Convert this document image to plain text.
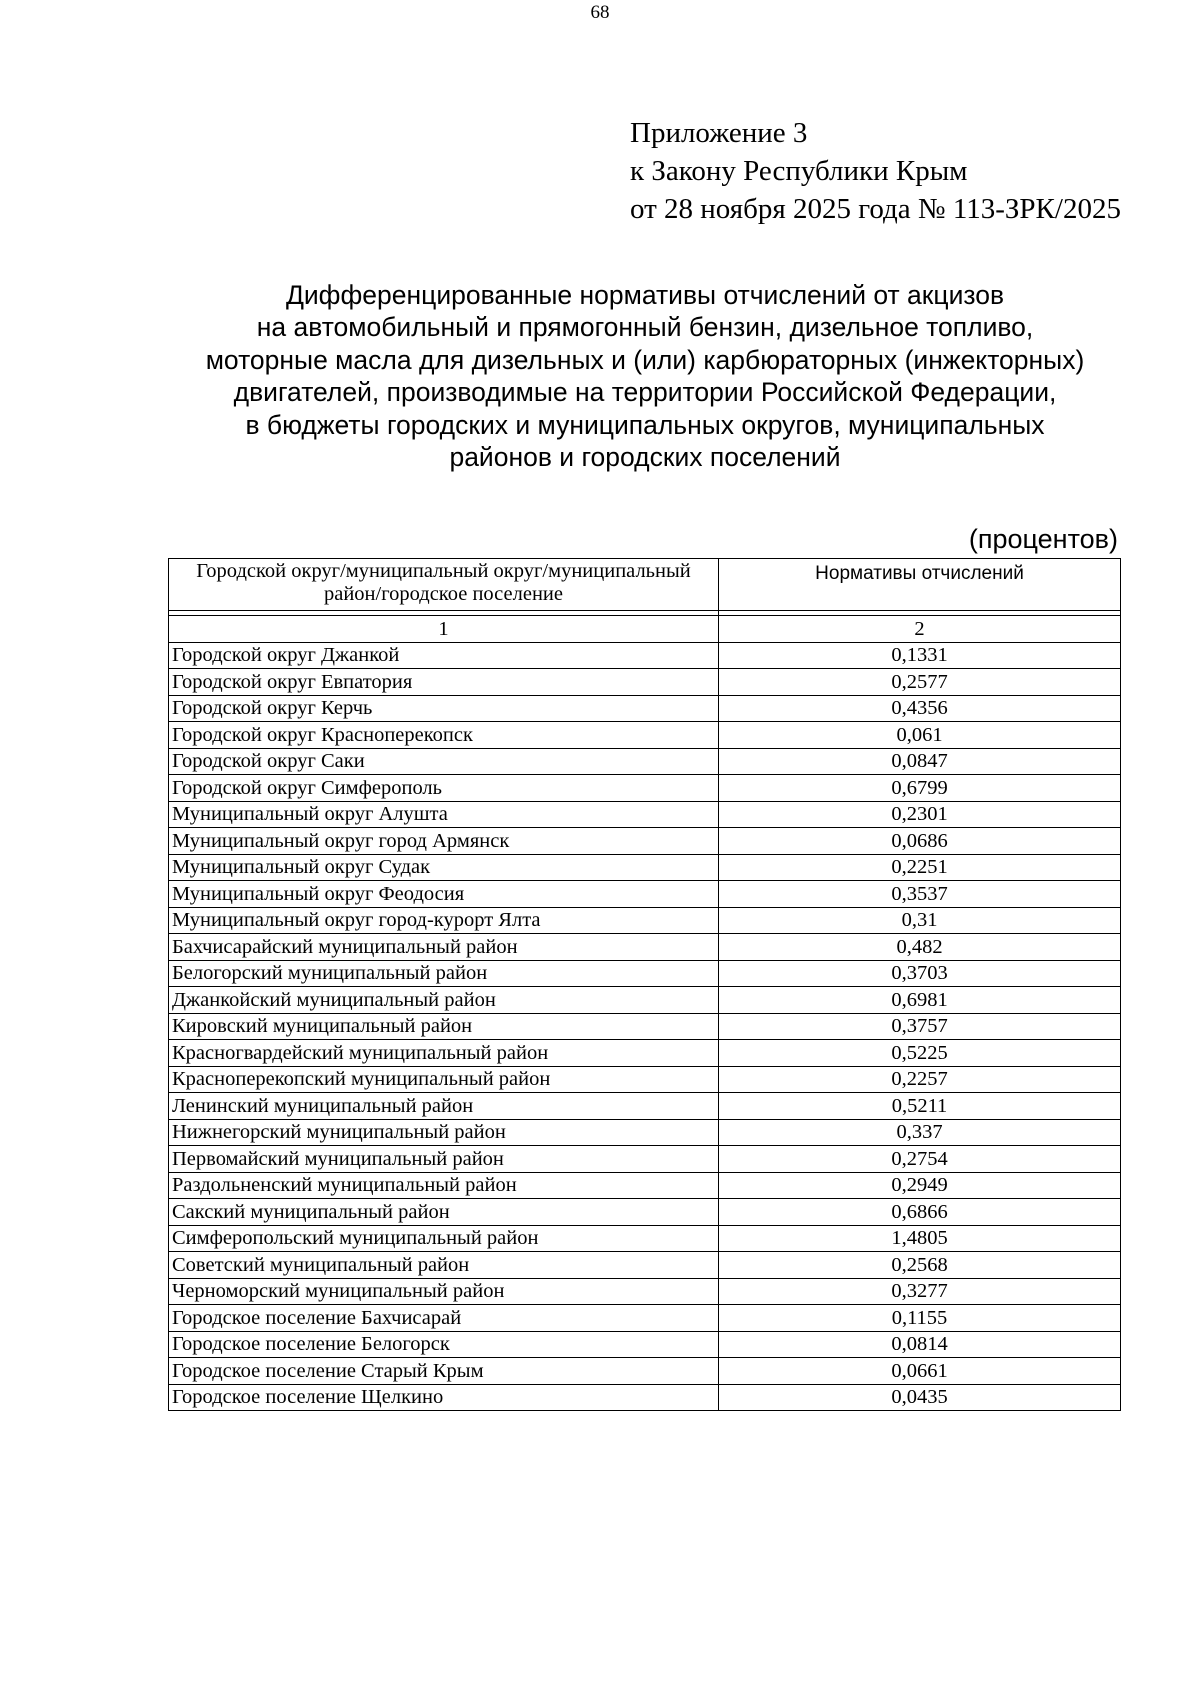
68
Приложение 3
к Закону Республики Крым
от 28 ноября 2025 года № 113-ЗРК/2025
Дифференцированные нормативы отчислений от акцизов
на автомобильный и прямогонный бензин, дизельное топливо,
моторные масла для дизельных и (или) карбюраторных (инжекторных)
двигателей, производимые на территории Российской Федерации,
в бюджеты городских и муниципальных округов, муниципальных
районов и городских поселений
(процентов)
Городской округ/муниципальный округ/муниципальный
район/городское поселение	Нормативы отчислений

1	2
Городской округ Джанкой	0,1331
Городской округ Евпатория	0,2577
Городской округ Керчь	0,4356
Городской округ Красноперекопск	0,061
Городской округ Саки	0,0847
Городской округ Симферополь	0,6799
Муниципальный округ Алушта	0,2301
Муниципальный округ город Армянск	0,0686
Муниципальный округ Судак	0,2251
Муниципальный округ Феодосия	0,3537
Муниципальный округ город-курорт Ялта	0,31
Бахчисарайский муниципальный район	0,482
Белогорский муниципальный район	0,3703
Джанкойский муниципальный район	0,6981
Кировский муниципальный район	0,3757
Красногвардейский муниципальный район	0,5225
Красноперекопский муниципальный район	0,2257
Ленинский муниципальный район	0,5211
Нижнегорский муниципальный район	0,337
Первомайский муниципальный район	0,2754
Раздольненский муниципальный район	0,2949
Сакский муниципальный район	0,6866
Симферопольский муниципальный район	1,4805
Советский муниципальный район	0,2568
Черноморский муниципальный район	0,3277
Городское поселение Бахчисарай	0,1155
Городское поселение Белогорск	0,0814
Городское поселение Старый Крым	0,0661
Городское поселение Щелкино	0,0435
